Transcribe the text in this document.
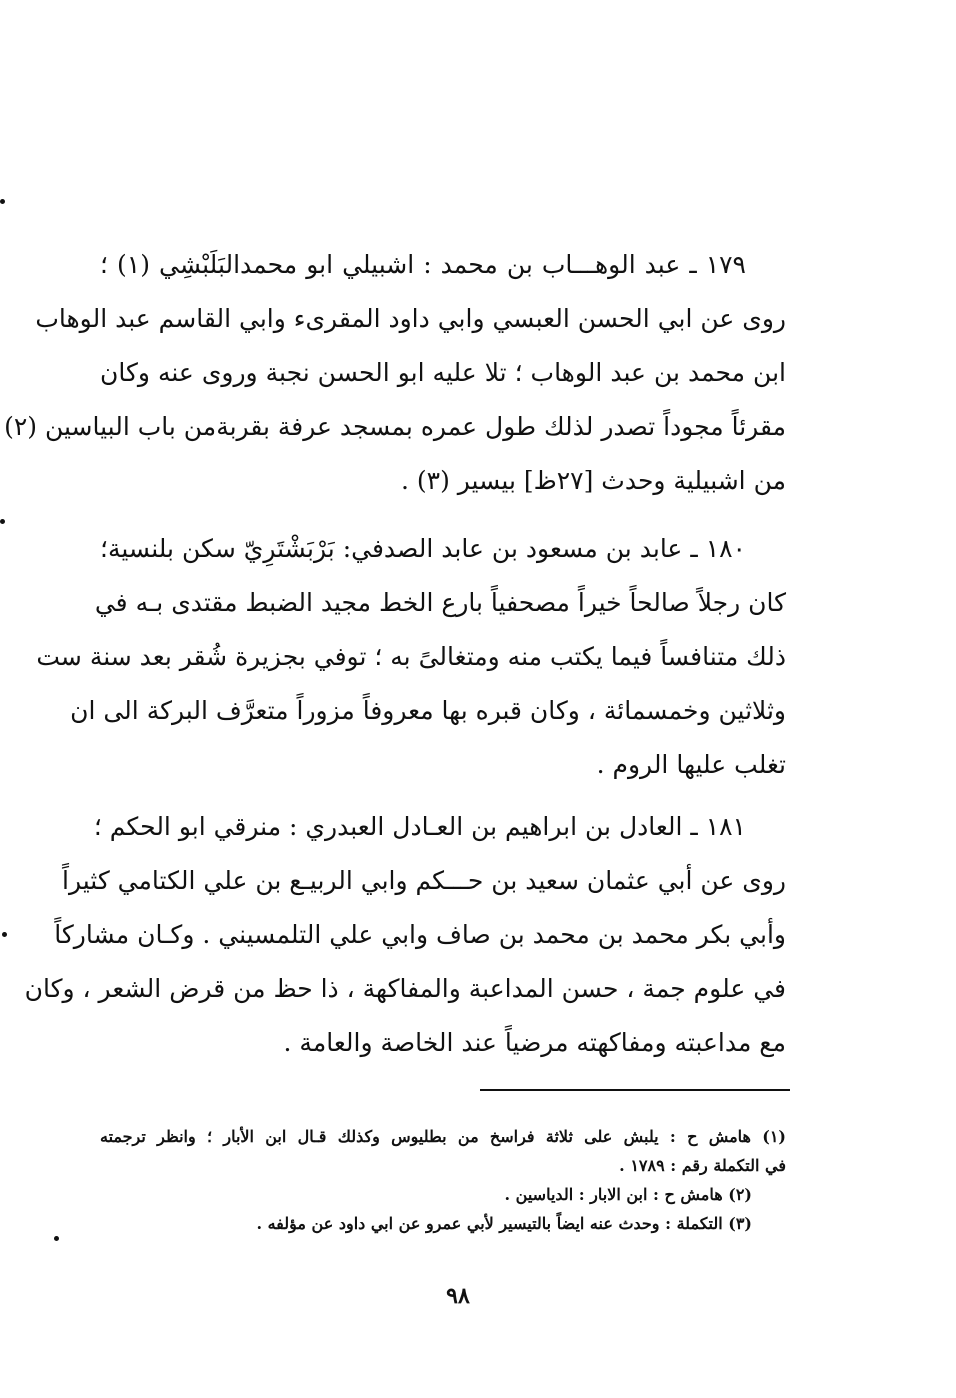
١٧٩ ـ عبد الوهـــاب بن محمد : اشبيلي ابو محمدالبَلَبْشِي (١) ؛
روى عن ابي الحسن العبسي وابي داود المقرىء وابي القاسم عبد الوهاب
ابن محمد بن عبد الوهاب ؛ تلا عليه ابو الحسن نجبة وروى عنه وكان
مقرئاً مجوداً تصدر لذلك طول عمره بمسجد عرفة بقربةمن باب البياسين (٢)
من اشبيلية وحدث [٢٧ظ] بيسير (٣) .
١٨٠ ـ عابد بن مسعود بن عابد الصدفي: بَرْبَشْتَرِيّ سكن بلنسية؛
كان رجلاً صالحاً خيراً مصحفياً بارع الخط مجيد الضبط مقتدى بـه في
ذلك متنافساً فيما يكتب منه ومتغالىً به ؛ توفي بجزيرة شُقر بعد سنة ست
وثلاثين وخمسمائة ، وكان قبره بها معروفاً مزوراً متعرَّف البركة الى ان
تغلب عليها الروم .
١٨١ ـ العادل بن ابراهيم بن العـادل العبدري : منرقي ابو الحكم ؛
روى عن أبي عثمان سعيد بن حـــكم وابي الربيـع بن علي الكتامي كثيراً
وأبي بكر محمد بن محمد بن صاف وابي علي التلمسيني . وكـان مشاركاً
في علوم جمة ، حسن المداعبة والمفاكهة ، ذا حظ من قرض الشعر ، وكان
مع مداعبته ومفاكهته مرضياً عند الخاصة والعامة .
(١) هامش ح : يلبش على ثلاثة فراسخ من بطليوس وكذلك قـال ابن الأبار ؛ وانظر ترجمته
في التكملة رقم : ١٧٨٩ .
(٢) هامش ح : ابن الابار : الدياسين .
(٣) التكملة : وحدث عنه ايضاً بالتيسير لأبي عمرو عن ابي داود عن مؤلفه .
٩٨
